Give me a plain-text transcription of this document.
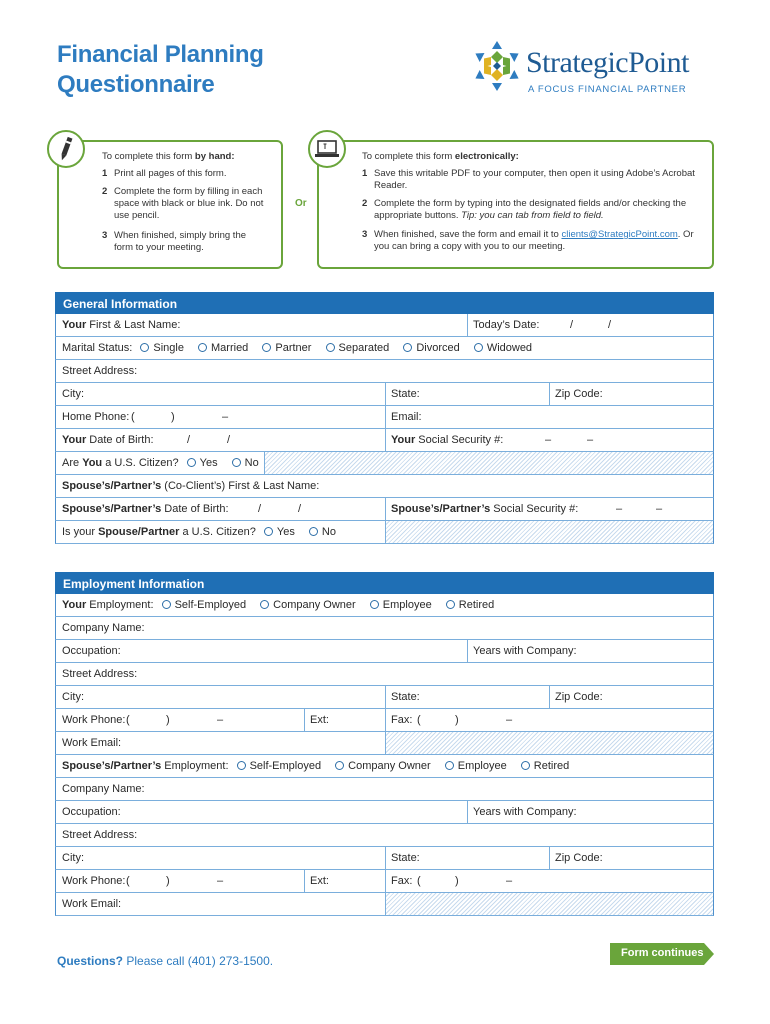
Financial Planning
Questionnaire
StrategicPoint
A FOCUS FINANCIAL PARTNER
To complete this form by hand:
1 Print all pages of this form.
2 Complete the form by filling in each space with black or blue ink. Do not use pencil.
3 When finished, simply bring the form to your meeting.
Or
To complete this form electronically:
1 Save this writable PDF to your computer, then open it using Adobe’s Acrobat Reader.
2 Complete the form by typing into the designated fields and/or checking the appropriate buttons. Tip: you can tab from field to field.
3 When finished, save the form and email it to clients@StrategicPoint.com. Or you can bring a copy with you to our meeting.
General Information
Your First & Last Name:	Today’s Date:	/	/
Marital Status: Single Married Partner Separated Divorced Widowed
Street Address:
City:	State:	Zip Code:
Home Phone: (	)	–	Email:
Your Date of Birth:	/	/	Your Social Security #:	–	–
Are You a U.S. Citizen? Yes No
Spouse’s/Partner’s (Co-Client’s) First & Last Name:
Spouse’s/Partner’s Date of Birth:	/	/	Spouse’s/Partner’s Social Security #:	–	–
Is your Spouse/Partner a U.S. Citizen? Yes No
Employment Information
Your Employment: Self-Employed Company Owner Employee Retired
Company Name:
Occupation:	Years with Company:
Street Address:
City:	State:	Zip Code:
Work Phone: (	)	–	Ext:	Fax: (	)	–
Work Email:
Spouse’s/Partner’s Employment: Self-Employed Company Owner Employee Retired
Company Name:
Occupation:	Years with Company:
Street Address:
City:	State:	Zip Code:
Work Phone: (	)	–	Ext:	Fax: (	)	–
Work Email:
Questions? Please call (401) 273-1500.
Form continues
